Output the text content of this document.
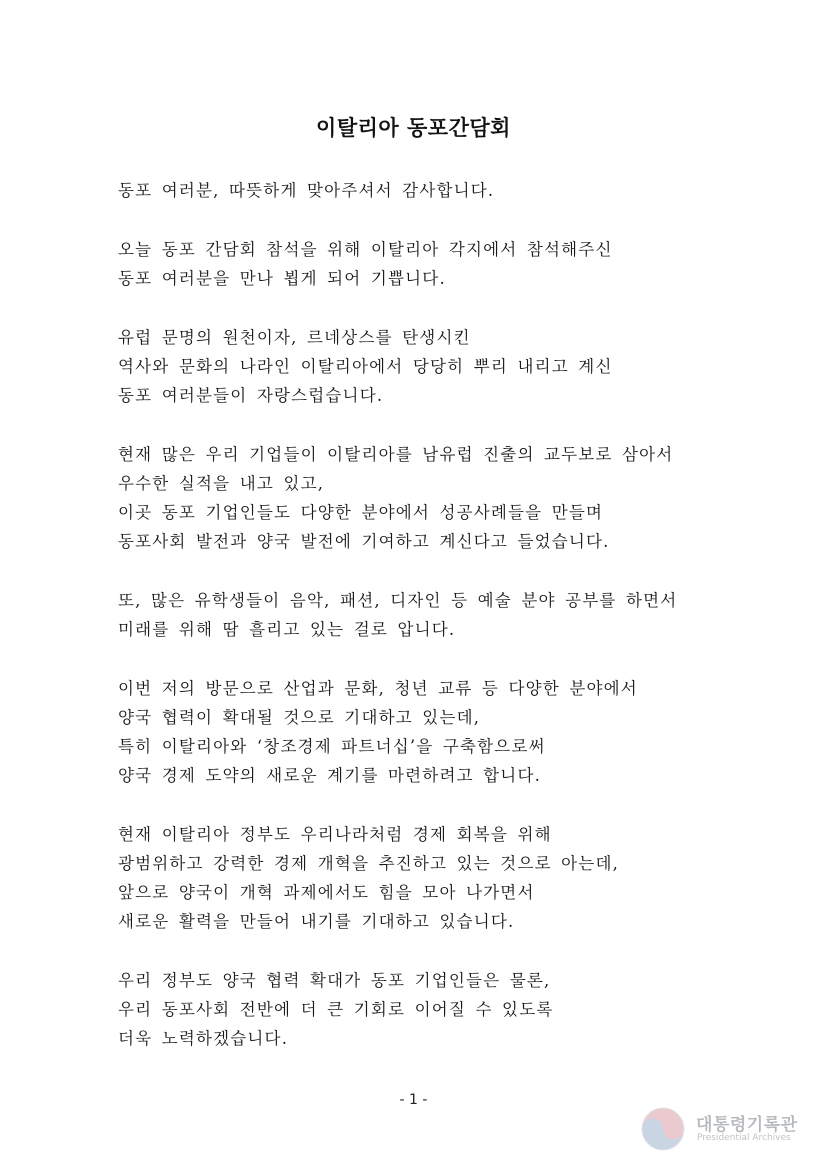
이탈리아 동포간담회

동포 여러분, 따뜻하게 맞아주셔서 감사합니다.

오늘 동포 간담회 참석을 위해 이탈리아 각지에서 참석해주신
동포 여러분을 만나 뵙게 되어 기쁩니다.

유럽 문명의 원천이자, 르네상스를 탄생시킨
역사와 문화의 나라인 이탈리아에서 당당히 뿌리 내리고 계신
동포 여러분들이 자랑스럽습니다.

현재 많은 우리 기업들이 이탈리아를 남유럽 진출의 교두보로 삼아서
우수한 실적을 내고 있고,
이곳 동포 기업인들도 다양한 분야에서 성공사례들을 만들며
동포사회 발전과 양국 발전에 기여하고 계신다고 들었습니다.

또, 많은 유학생들이 음악, 패션, 디자인 등 예술 분야 공부를 하면서
미래를 위해 땀 흘리고 있는 걸로 압니다.

이번 저의 방문으로 산업과 문화, 청년 교류 등 다양한 분야에서
양국 협력이 확대될 것으로 기대하고 있는데,
특히 이탈리아와 ‘창조경제 파트너십’을 구축함으로써
양국 경제 도약의 새로운 계기를 마련하려고 합니다.

현재 이탈리아 정부도 우리나라처럼 경제 회복을 위해
광범위하고 강력한 경제 개혁을 추진하고 있는 것으로 아는데,
앞으로 양국이 개혁 과제에서도 힘을 모아 나가면서
새로운 활력을 만들어 내기를 기대하고 있습니다.

우리 정부도 양국 협력 확대가 동포 기업인들은 물론,
우리 동포사회 전반에 더 큰 기회로 이어질 수 있도록
더욱 노력하겠습니다.

- 1 -
대통령기록관
Presidential Archives
